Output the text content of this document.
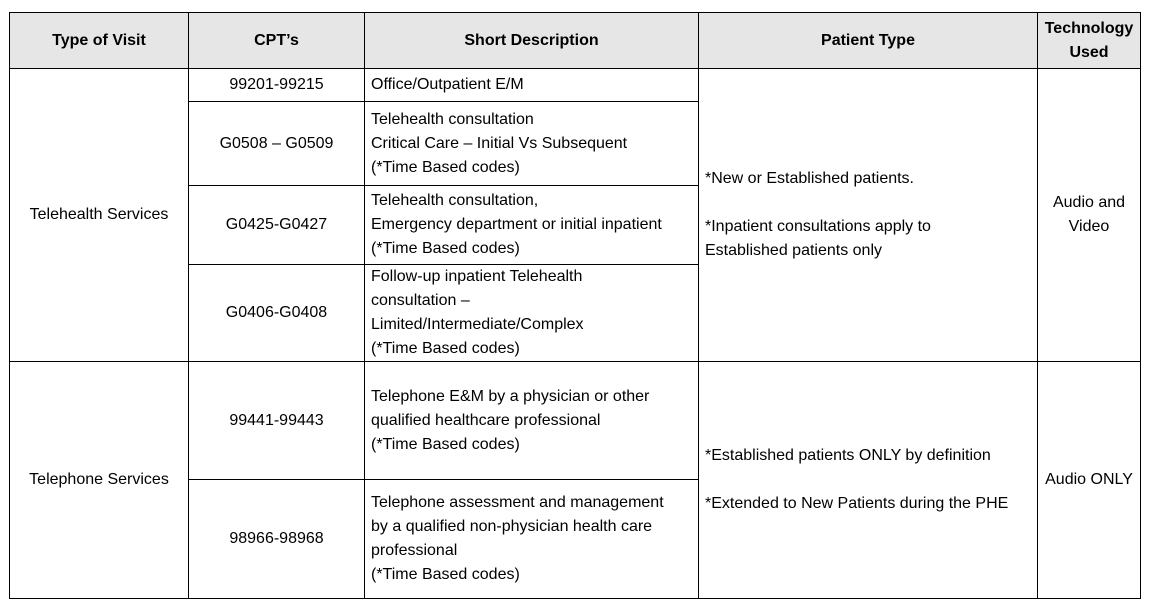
Type of Visit	CPT’s	Short Description	Patient Type	Technology
Used

Telehealth Services	99201-99215	Office/Outpatient E/M	*New or Established patients.
*Inpatient consultations apply to
Established patients only	Audio and
Video

	G0508 – G0509	Telehealth consultation
Critical Care – Initial Vs Subsequent
(*Time Based codes)		

	G0425-G0427	Telehealth consultation,
Emergency department or initial inpatient
(*Time Based codes)		

	G0406-G0408	Follow-up inpatient Telehealth
consultation –
Limited/Intermediate/Complex
(*Time Based codes)		

Telephone Services	99441-99443	Telephone E&M by a physician or other
qualified healthcare professional
(*Time Based codes)	*Established patients ONLY by definition
*Extended to New Patients during the PHE	Audio ONLY

	98966-98968	Telephone assessment and management
by a qualified non-physician health care
professional
(*Time Based codes)		
